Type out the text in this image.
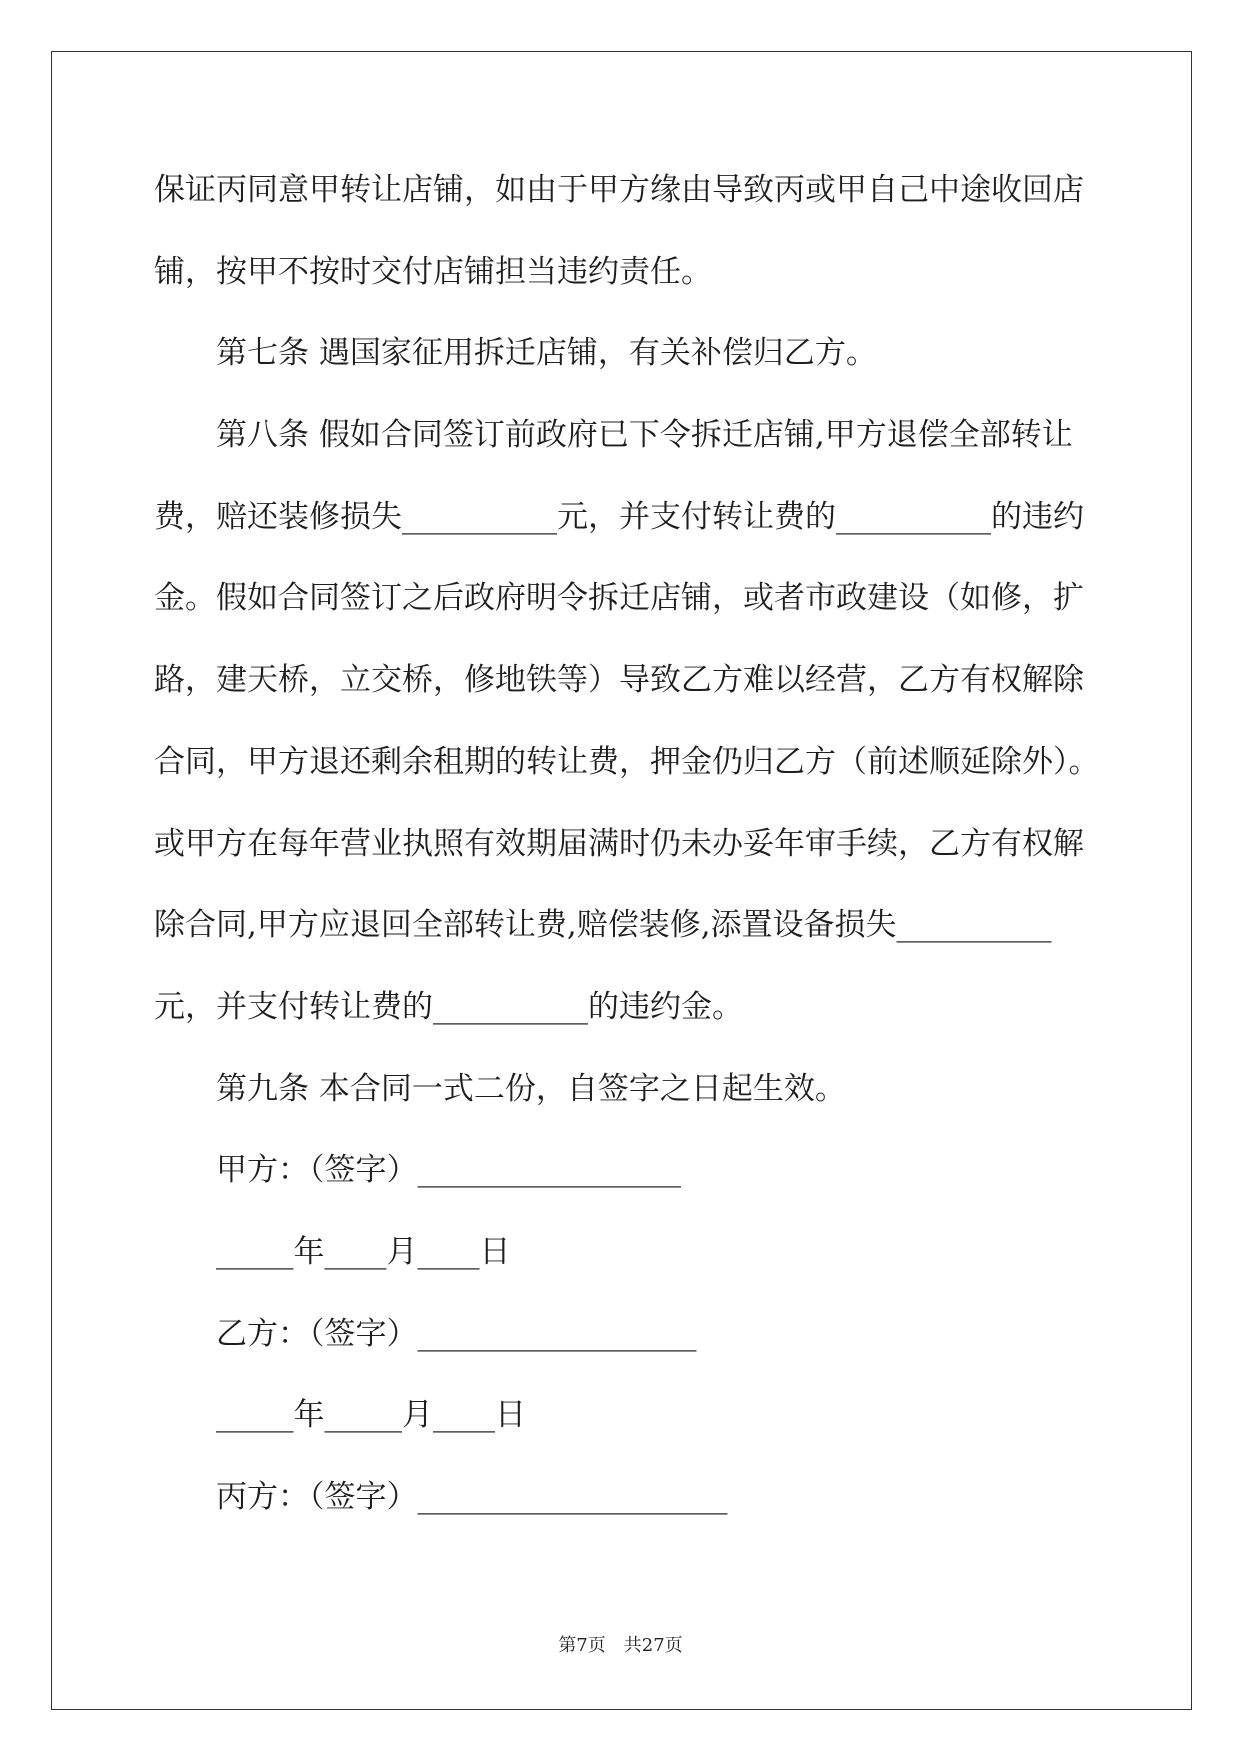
保证丙同意甲转让店铺，如由于甲方缘由导致丙或甲自己中途收回店
铺，按甲不按时交付店铺担当违约责任。
第七条 遇国家征用拆迁店铺，有关补偿归乙方。
第八条 假如合同签订前政府已下令拆迁店铺,甲方退偿全部转让
费，赔还装修损失__________元，并支付转让费的__________的违约
金。假如合同签订之后政府明令拆迁店铺，或者市政建设（如修，扩
路，建天桥，立交桥，修地铁等）导致乙方难以经营，乙方有权解除
合同，甲方退还剩余租期的转让费，押金仍归乙方（前述顺延除外）。
或甲方在每年营业执照有效期届满时仍未办妥年审手续，乙方有权解
除合同,甲方应退回全部转让费,赔偿装修,添置设备损失__________
元，并支付转让费的__________的违约金。
第九条 本合同一式二份，自签字之日起生效。
甲方：（签字）_________________
_____年____月____日
乙方：（签字）__________________
_____年_____月____日
丙方：（签字）____________________
第7页　共27页
